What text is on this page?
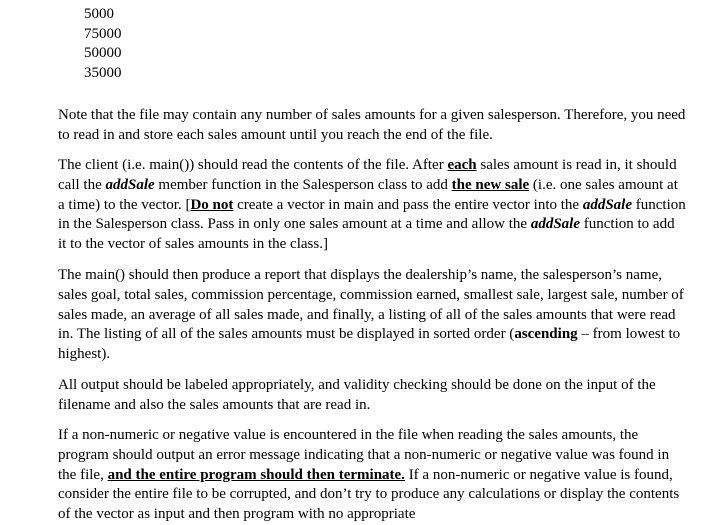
5000
75000
50000
35000

Note that the file may contain any number of sales amounts for a given salesperson. Therefore, you need to read in and store each sales amount until you reach the end of the file.

The client (i.e. main()) should read the contents of the file. After each sales amount is read in, it should call the addSale member function in the Salesperson class to add the new sale (i.e. one sales amount at a time) to the vector. [Do not create a vector in main and pass the entire vector into the addSale function in the Salesperson class. Pass in only one sales amount at a time and allow the addSale function to add it to the vector of sales amounts in the class.]

The main() should then produce a report that displays the dealership’s name, the salesperson’s name, sales goal, total sales, commission percentage, commission earned, smallest sale, largest sale, number of sales made, an average of all sales made, and finally, a listing of all of the sales amounts that were read in. The listing of all of the sales amounts must be displayed in sorted order (ascending – from lowest to highest).

All output should be labeled appropriately, and validity checking should be done on the input of the filename and also the sales amounts that are read in.

If a non-numeric or negative value is encountered in the file when reading the sales amounts, the program should output an error message indicating that a non-numeric or negative value was found in the file, and the entire program should then terminate. If a non-numeric or negative value is found, consider the entire file to be corrupted, and don’t try to produce any calculations or display the contents of the vector as input and then program with no appropriate
